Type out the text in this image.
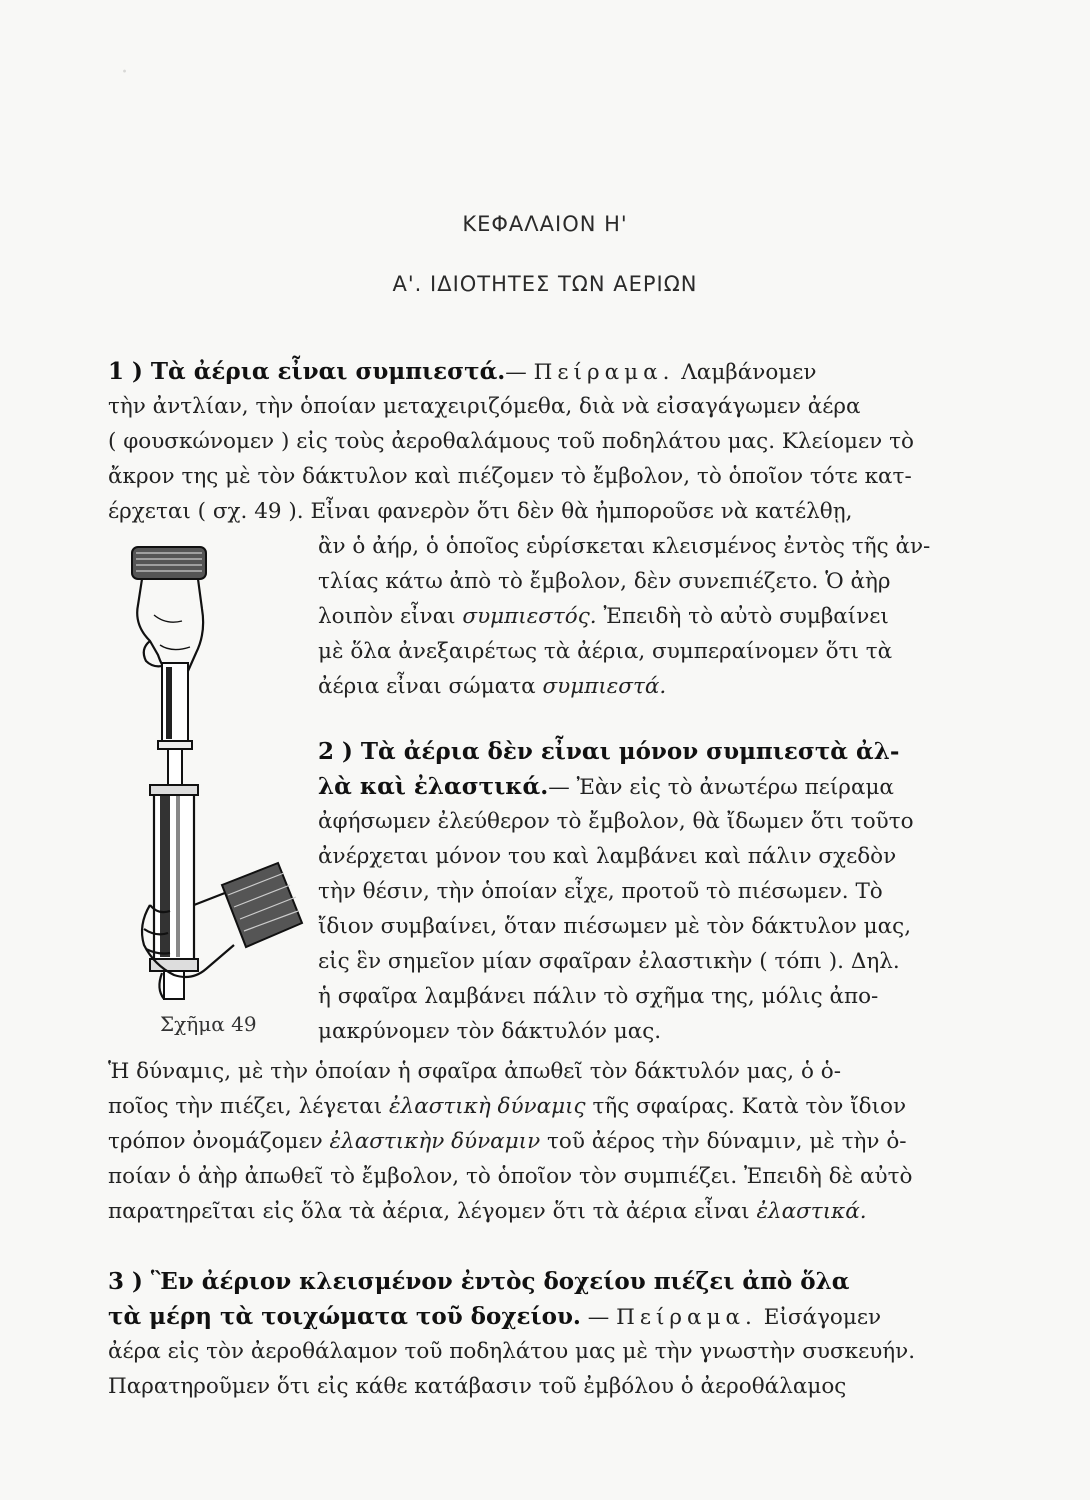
·
ΚΕΦΑΛΑΙΟΝ Η'
Α'. ΙΔΙΟΤΗΤΕΣ ΤΩΝ ΑΕΡΙΩΝ
1 ) Τὰ ἀέρια εἶναι συμπιεστά.— Πείραμα. Λαμβάνομεν
τὴν ἀντλίαν, τὴν ὁποίαν μεταχειριζόμεθα, διὰ νὰ εἰσαγάγωμεν ἀέρα
( φουσκώνομεν ) εἰς τοὺς ἀεροθαλάμους τοῦ ποδηλάτου μας. Κλείομεν τὸ
ἄκρον της μὲ τὸν δάκτυλον καὶ πιέζομεν τὸ ἔμβολον, τὸ ὁποῖον τότε κατ-
έρχεται ( σχ. 49 ). Εἶναι φανερὸν ὅτι δὲν θὰ ἠμποροῦσε νὰ κατέλθῃ,
ἂν ὁ ἀήρ, ὁ ὁποῖος εὑρίσκεται κλεισμένος ἐντὸς τῆς ἀν-
τλίας κάτω ἀπὸ τὸ ἔμβολον, δὲν συνεπιέζετο. Ὁ ἀὴρ
λοιπὸν εἶναι συμπιεστός. Ἐπειδὴ τὸ αὐτὸ συμβαίνει
μὲ ὅλα ἀνεξαιρέτως τὰ ἀέρια, συμπεραίνομεν ὅτι τὰ
ἀέρια εἶναι σώματα συμπιεστά.
2 ) Τὰ ἀέρια δὲν εἶναι μόνον συμπιεστὰ ἀλ-
λὰ καὶ ἐλαστικά.— Ἐὰν εἰς τὸ ἀνωτέρω πείραμα
ἀφήσωμεν ἐλεύθερον τὸ ἔμβολον, θὰ ἴδωμεν ὅτι τοῦτο
ἀνέρχεται μόνον του καὶ λαμβάνει καὶ πάλιν σχεδὸν
τὴν θέσιν, τὴν ὁποίαν εἶχε, προτοῦ τὸ πιέσωμεν. Τὸ
ἴδιον συμβαίνει, ὅταν πιέσωμεν μὲ τὸν δάκτυλον μας,
εἰς ἓν σημεῖον μίαν σφαῖραν ἐλαστικὴν ( τόπι ). Δηλ.
ἡ σφαῖρα λαμβάνει πάλιν τὸ σχῆμα της, μόλις ἀπο-
μακρύνομεν τὸν δάκτυλόν μας.
Ἡ δύναμις, μὲ τὴν ὁποίαν ἡ σφαῖρα ἀπωθεῖ τὸν δάκτυλόν μας, ὁ ὁ-
ποῖος τὴν πιέζει, λέγεται ἐλαστικὴ δύναμις τῆς σφαίρας. Κατὰ τὸν ἴδιον
τρόπον ὀνομάζομεν ἐλαστικὴν δύναμιν τοῦ ἀέρος τὴν δύναμιν, μὲ τὴν ὁ-
ποίαν ὁ ἀὴρ ἀπωθεῖ τὸ ἔμβολον, τὸ ὁποῖον τὸν συμπιέζει. Ἐπειδὴ δὲ αὐτὸ
παρατηρεῖται εἰς ὅλα τὰ ἀέρια, λέγομεν ὅτι τὰ ἀέρια εἶναι ἐλαστικά.
3 ) Ἓν ἀέριον κλεισμένον ἐντὸς δοχείου πιέζει ἀπὸ ὅλα
τὰ μέρη τὰ τοιχώματα τοῦ δοχείου. — Πείραμα. Εἰσάγομεν
ἀέρα εἰς τὸν ἀεροθάλαμον τοῦ ποδηλάτου μας μὲ τὴν γνωστὴν συσκευήν.
Παρατηροῦμεν ὅτι εἰς κάθε κατάβασιν τοῦ ἐμβόλου ὁ ἀεροθάλαμος
Σχῆμα 49
